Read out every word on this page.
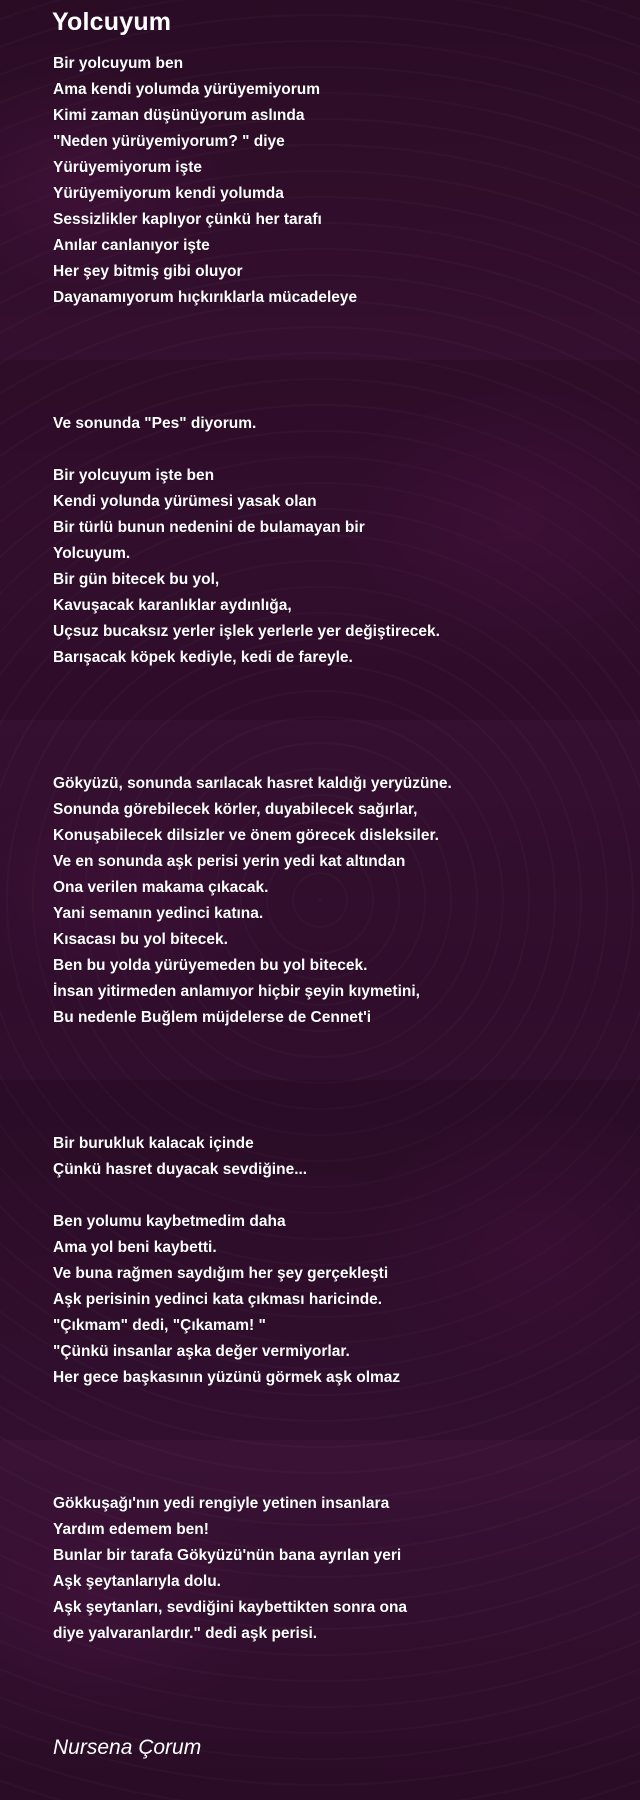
Yolcuyum
Bir yolcuyum ben
Ama kendi yolumda yürüyemiyorum
Kimi zaman düşünüyorum aslında
"Neden yürüyemiyorum? " diye
Yürüyemiyorum işte
Yürüyemiyorum kendi yolumda
Sessizlikler kaplıyor çünkü her tarafı
Anılar canlanıyor işte
Her şey bitmiş gibi oluyor
Dayanamıyorum hıçkırıklarla mücadeleye
Ve sonunda "Pes" diyorum.
Bir yolcuyum işte ben
Kendi yolunda yürümesi yasak olan
Bir türlü bunun nedenini de bulamayan bir
Yolcuyum.
Bir gün bitecek bu yol,
Kavuşacak karanlıklar aydınlığa,
Uçsuz bucaksız yerler işlek yerlerle yer değiştirecek.
Barışacak köpek kediyle, kedi de fareyle.
Gökyüzü, sonunda sarılacak hasret kaldığı yeryüzüne.
Sonunda görebilecek körler, duyabilecek sağırlar,
Konuşabilecek dilsizler ve önem görecek disleksiler.
Ve en sonunda aşk perisi yerin yedi kat altından
Ona verilen makama çıkacak.
Yani semanın yedinci katına.
Kısacası bu yol bitecek.
Ben bu yolda yürüyemeden bu yol bitecek.
İnsan yitirmeden anlamıyor hiçbir şeyin kıymetini,
Bu nedenle Buğlem müjdelerse de Cennet'i
Bir burukluk kalacak içinde
Çünkü hasret duyacak sevdiğine...
Ben yolumu kaybetmedim daha
Ama yol beni kaybetti.
Ve buna rağmen saydığım her şey gerçekleşti
Aşk perisinin yedinci kata çıkması haricinde.
"Çıkmam" dedi, "Çıkamam! "
"Çünkü insanlar aşka değer vermiyorlar.
Her gece başkasının yüzünü görmek aşk olmaz
Gökkuşağı'nın yedi rengiyle yetinen insanlara
Yardım edemem ben!
Bunlar bir tarafa Gökyüzü'nün bana ayrılan yeri
Aşk şeytanlarıyla dolu.
Aşk şeytanları, sevdiğini kaybettikten sonra ona
diye yalvaranlardır." dedi aşk perisi.
Nursena Çorum
